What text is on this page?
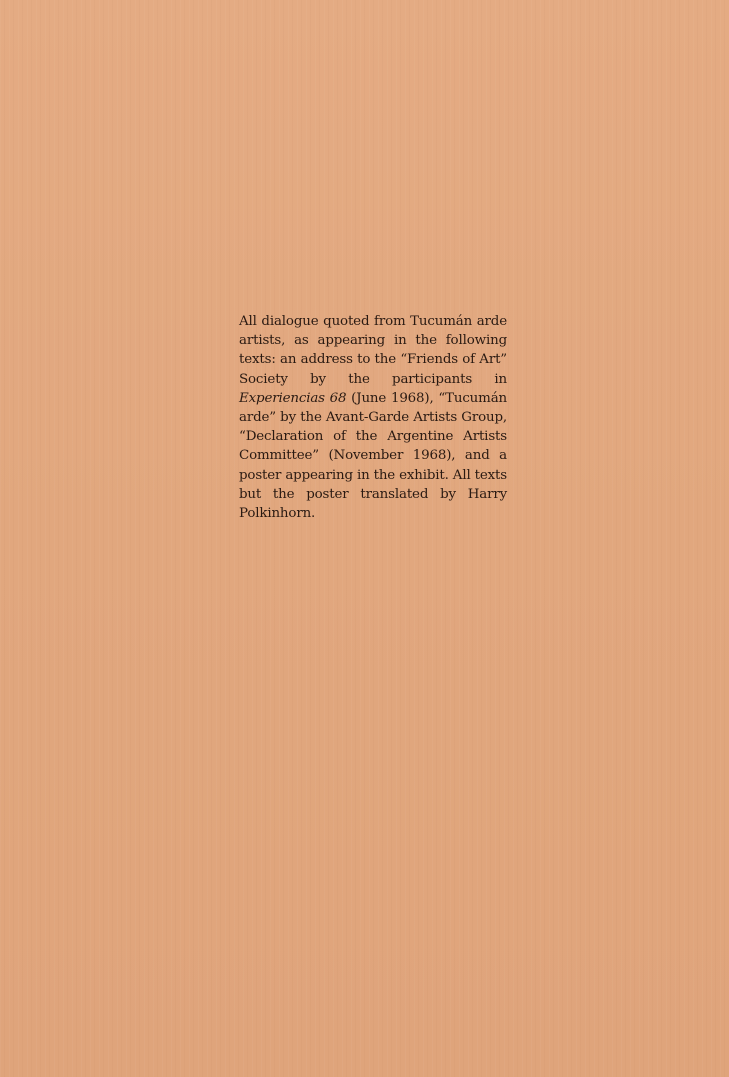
All dialogue quoted from Tucumán arde artists, as appearing in the following texts: an address to the “Friends of Art” Society by the participants in Experiencias 68 (June 1968), “Tucumán arde” by the Avant-Garde Artists Group, “Declaration of the Argentine Artists Committee” (November 1968), and a poster appearing in the exhibit. All texts but the poster translated by Harry Polkinhorn.
